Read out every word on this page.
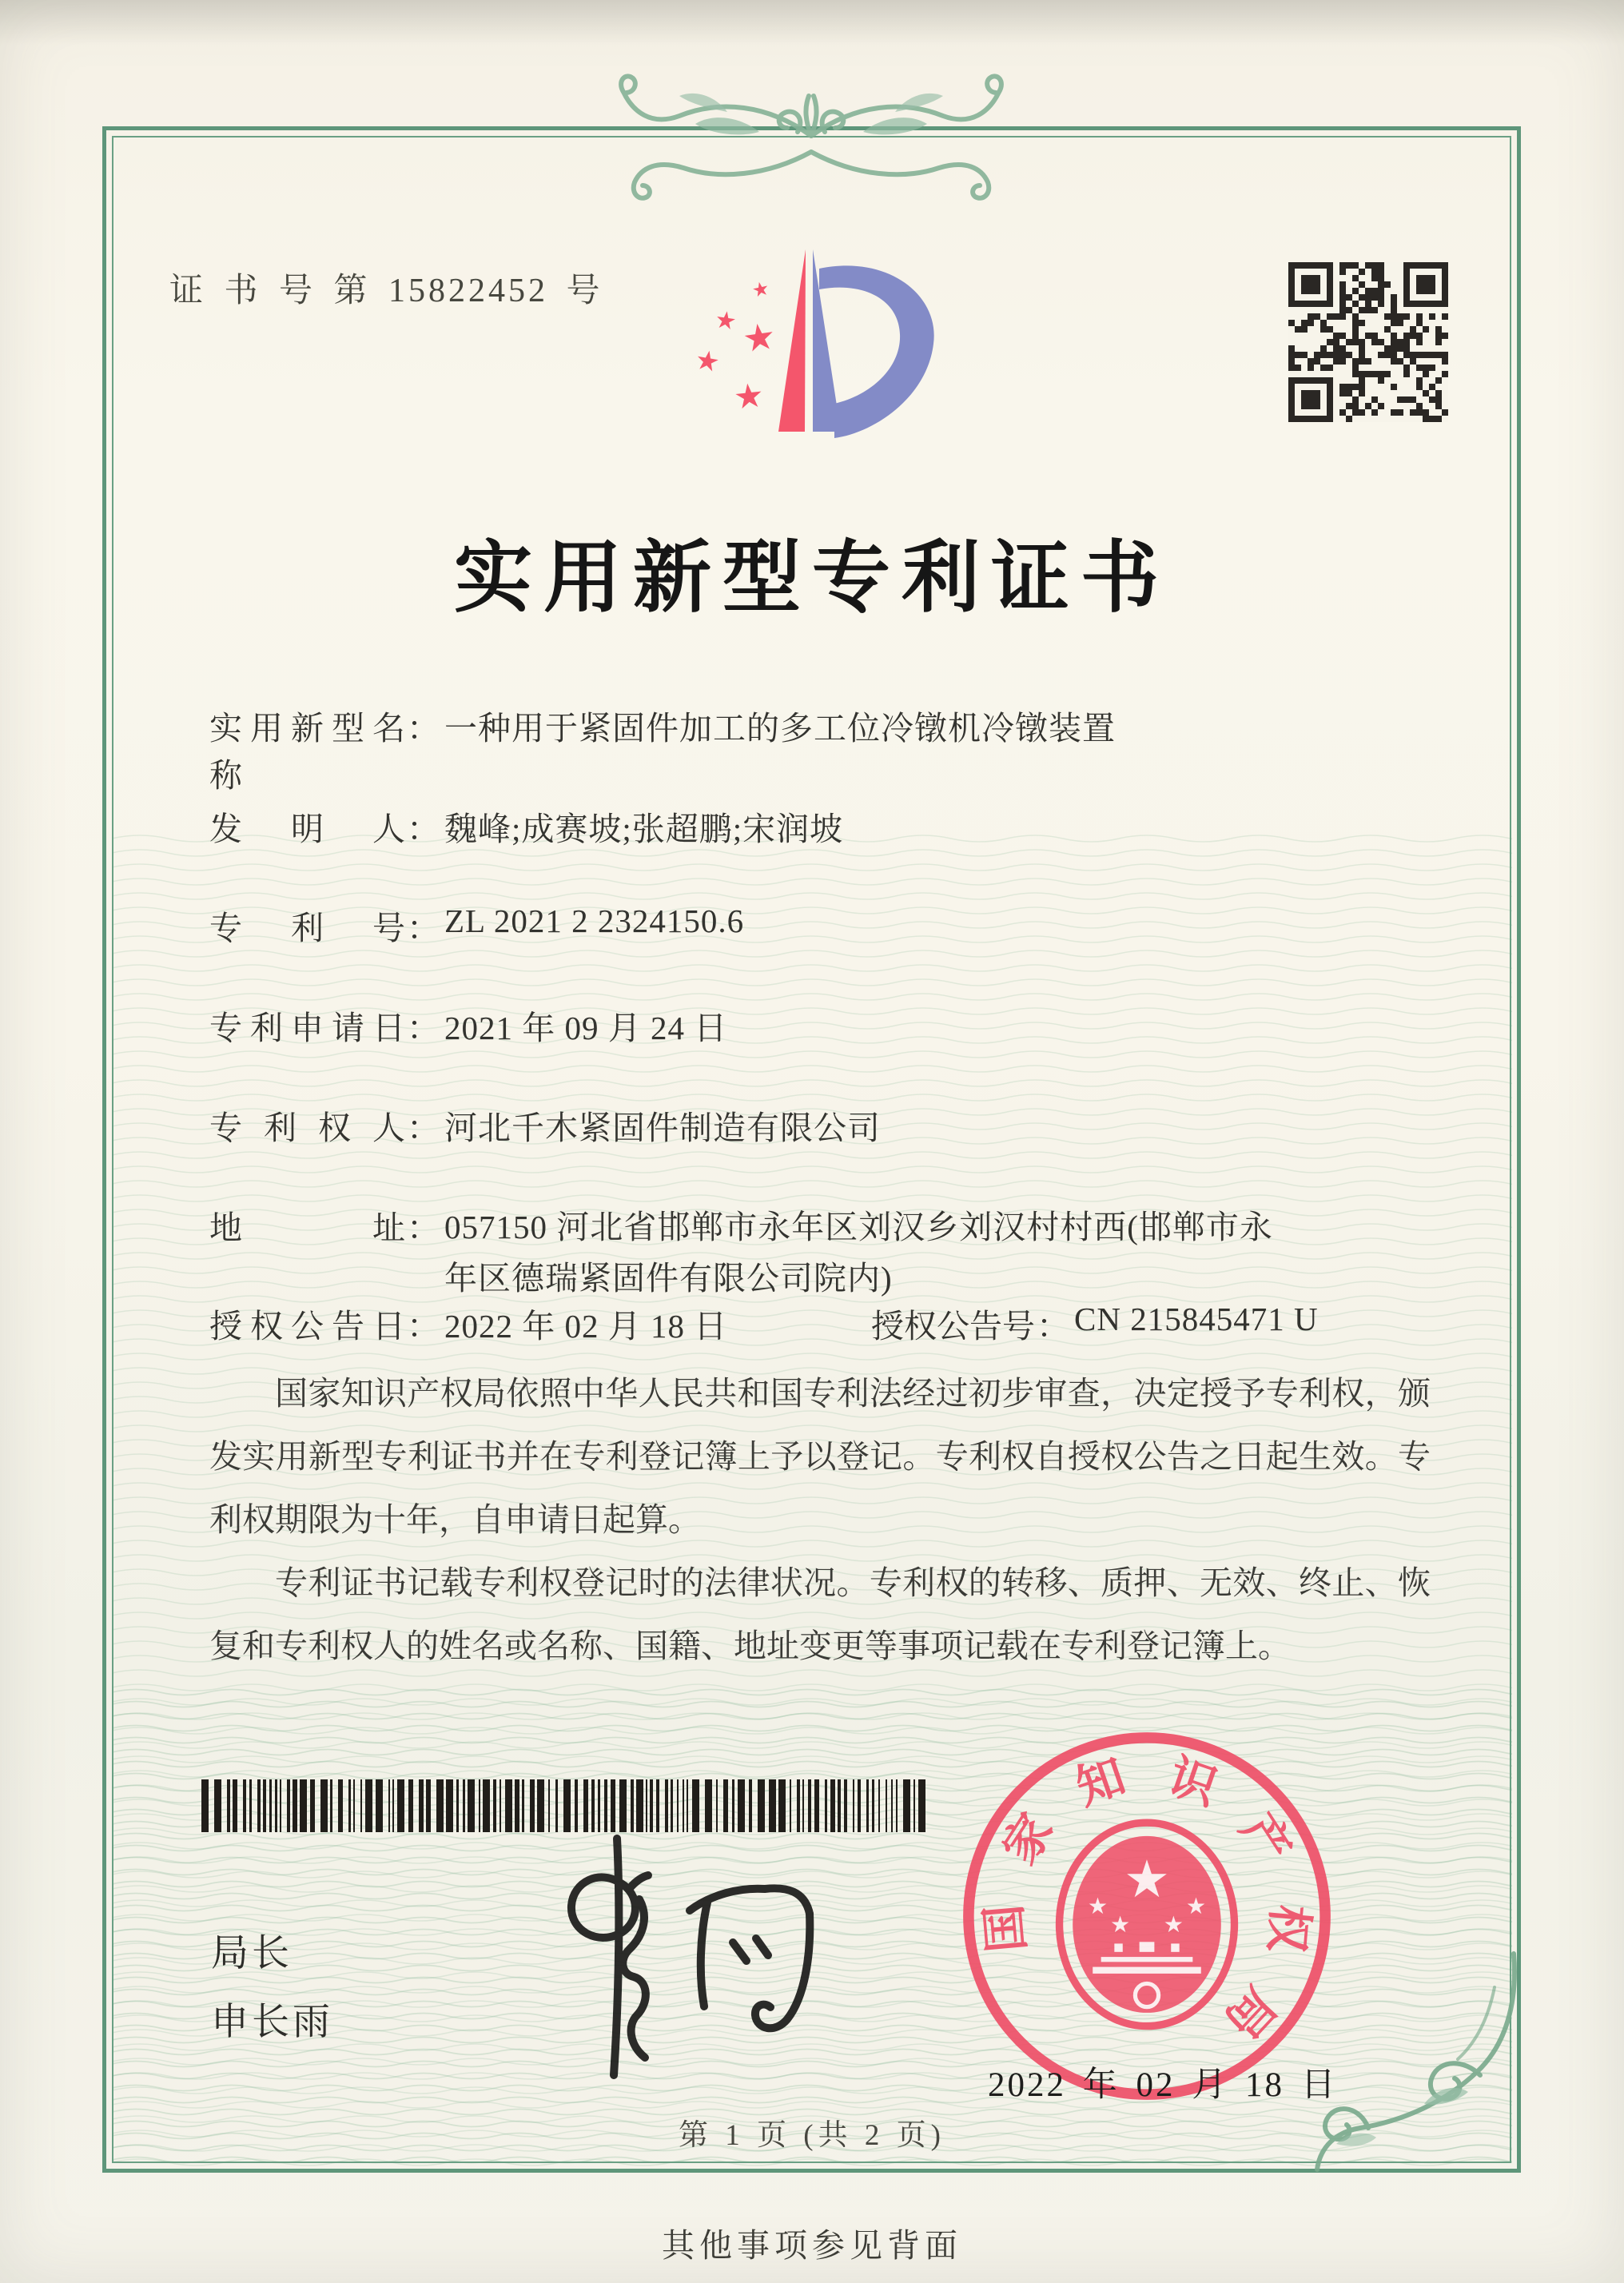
证 书 号 第 15822452 号	★
★ ★
★
★
实用新型专利证书
实用新型名称
： 一种用于紧固件加工的多工位冷镦机冷镦装置
发明人 ： 魏峰;成赛坡;张超鹏;宋润坡
专利号 ： ZL 2021 2 2324150.6
专利申请日 ： 2021 年 09 月 24 日
专利权人 ： 河北千木紧固件制造有限公司
地址 ： 057150 河北省邯郸市永年区刘汉乡刘汉村村西(邯郸市永年区德瑞紧固件有限公司院内)
授权公告日 ： 2022 年 02 月 18 日	授权公告号 ： CN 215845471 U

国家知识产权局依照中华人民共和国专利法经过初步审查，决定授予专利权，颁发实用新型专利证书并在专利登记簿上予以登记。专利权自授权公告之日起生效。专利权期限为十年，自申请日起算。

专利证书记载专利权登记时的法律状况。专利权的转移、质押、无效、终止、恢复和专利权人的姓名或名称、国籍、地址变更等事项记载在专利登记簿上。

局长
申长雨
国
家
知 识
产
权
局
★
★
★
★
★
2022 年 02 月 18 日
第 1 页 (共 2 页)
其他事项参见背面
